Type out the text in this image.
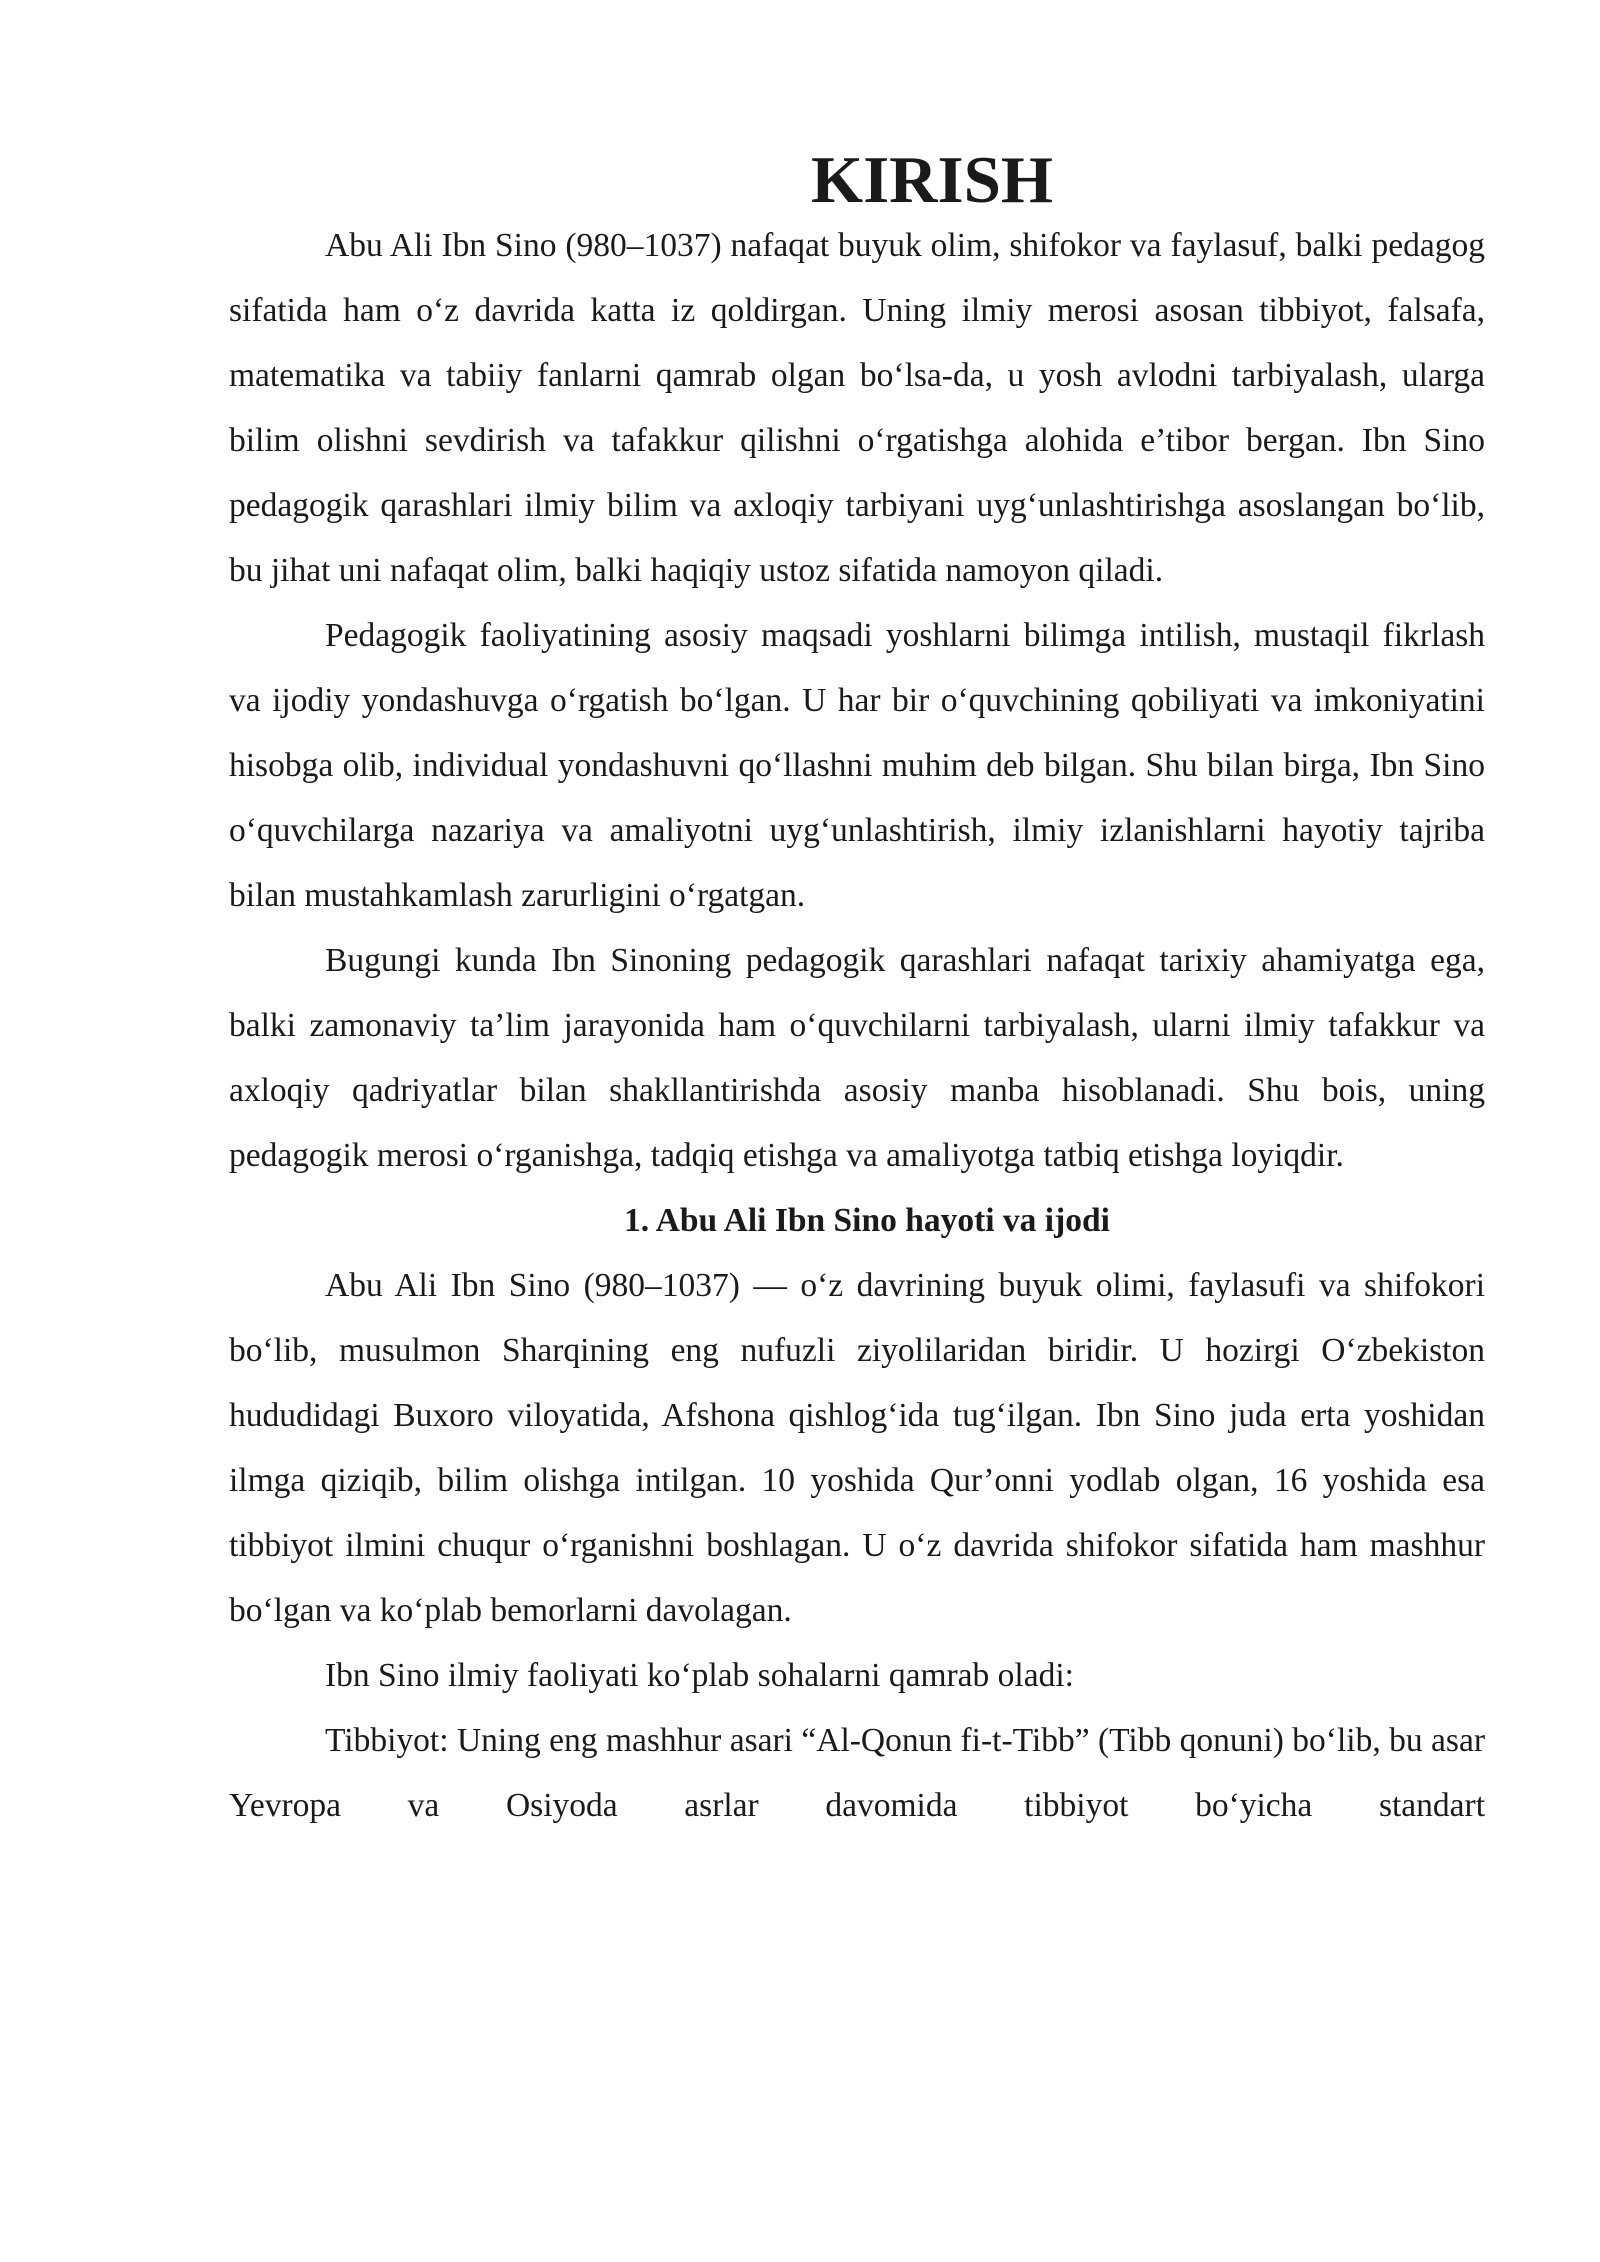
KIRISH

Abu Ali Ibn Sino (980–1037) nafaqat buyuk olim, shifokor va faylasuf, balki pedagog sifatida ham o‘z davrida katta iz qoldirgan. Uning ilmiy merosi asosan tibbiyot, falsafa, matematika va tabiiy fanlarni qamrab olgan bo‘lsa-da, u yosh avlodni tarbiyalash, ularga bilim olishni sevdirish va tafakkur qilishni o‘rgatishga alohida e’tibor bergan. Ibn Sino pedagogik qarashlari ilmiy bilim va axloqiy tarbiyani uyg‘unlashtirishga asoslangan bo‘lib, bu jihat uni nafaqat olim, balki haqiqiy ustoz sifatida namoyon qiladi.

Pedagogik faoliyatining asosiy maqsadi yoshlarni bilimga intilish, mustaqil fikrlash va ijodiy yondashuvga o‘rgatish bo‘lgan. U har bir o‘quvchining qobiliyati va imkoniyatini hisobga olib, individual yondashuvni qo‘llashni muhim deb bilgan. Shu bilan birga, Ibn Sino o‘quvchilarga nazariya va amaliyotni uyg‘unlashtirish, ilmiy izlanishlarni hayotiy tajriba bilan mustahkamlash zarurligini o‘rgatgan.

Bugungi kunda Ibn Sinoning pedagogik qarashlari nafaqat tarixiy ahamiyatga ega, balki zamonaviy ta’lim jarayonida ham o‘quvchilarni tarbiyalash, ularni ilmiy tafakkur va axloqiy qadriyatlar bilan shakllantirishda asosiy manba hisoblanadi. Shu bois, uning pedagogik merosi o‘rganishga, tadqiq etishga va amaliyotga tatbiq etishga loyiqdir.

1. Abu Ali Ibn Sino hayoti va ijodi

Abu Ali Ibn Sino (980–1037) — o‘z davrining buyuk olimi, faylasufi va shifokori bo‘lib, musulmon Sharqining eng nufuzli ziyolilaridan biridir. U hozirgi O‘zbekiston hududidagi Buxoro viloyatida, Afshona qishlog‘ida tug‘ilgan. Ibn Sino juda erta yoshidan ilmga qiziqib, bilim olishga intilgan. 10 yoshida Qur’onni yodlab olgan, 16 yoshida esa tibbiyot ilmini chuqur o‘rganishni boshlagan. U o‘z davrida shifokor sifatida ham mashhur bo‘lgan va ko‘plab bemorlarni davolagan.

Ibn Sino ilmiy faoliyati ko‘plab sohalarni qamrab oladi:

Tibbiyot: Uning eng mashhur asari “Al-Qonun fi-t-Tibb” (Tibb qonuni) bo‘lib, bu asar Yevropa va Osiyoda asrlar davomida tibbiyot bo‘yicha standart
